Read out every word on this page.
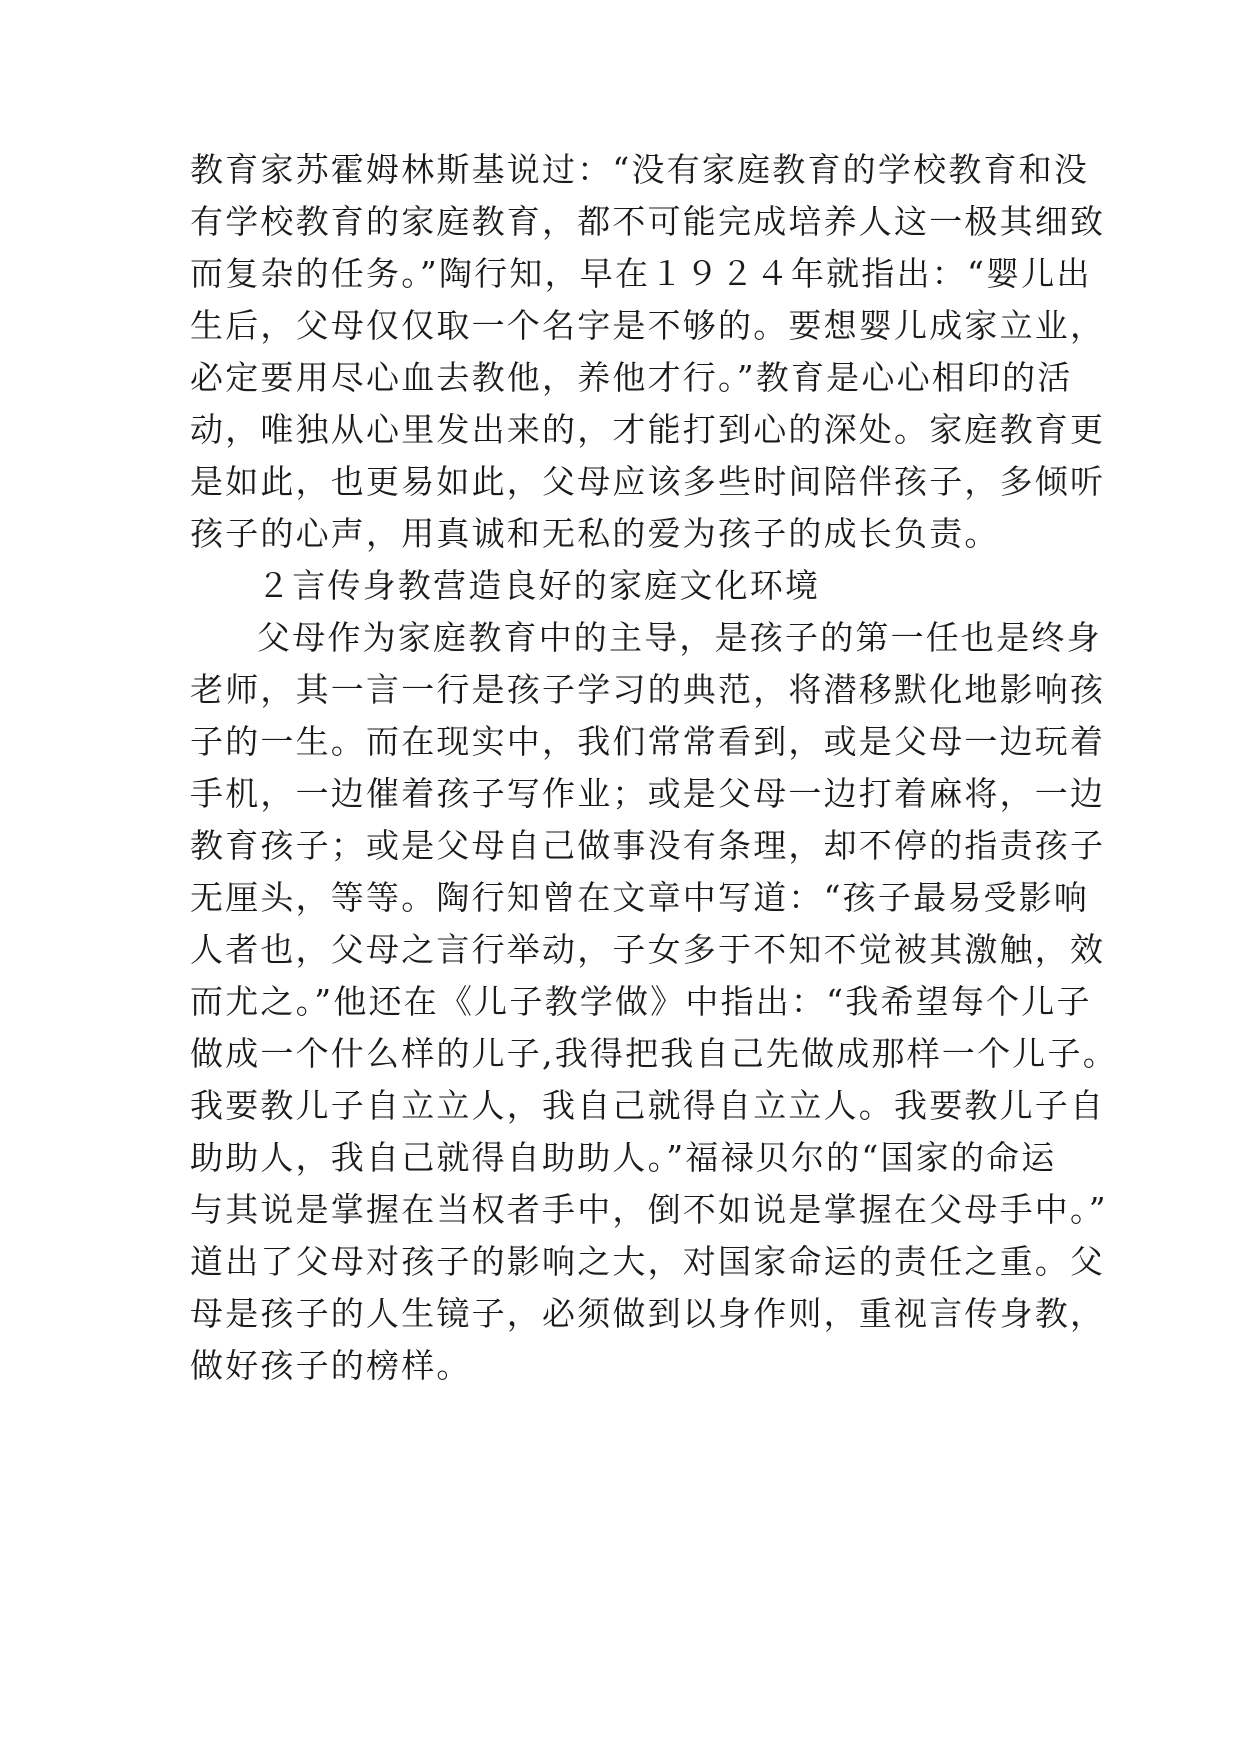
教育家苏霍姆林斯基说过：“没有家庭教育的学校教育和没
有学校教育的家庭教育，都不可能完成培养人这一极其细致
而复杂的任务。”陶行知，早在１９２４年就指出：“婴儿出
生后，父母仅仅取一个名字是不够的。要想婴儿成家立业，
必定要用尽心血去教他，养他才行。”教育是心心相印的活
动，唯独从心里发出来的，才能打到心的深处。家庭教育更
是如此，也更易如此，父母应该多些时间陪伴孩子，多倾听
孩子的心声，用真诚和无私的爱为孩子的成长负责。
２言传身教营造良好的家庭文化环境
父母作为家庭教育中的主导，是孩子的第一任也是终身
老师，其一言一行是孩子学习的典范，将潜移默化地影响孩
子的一生。而在现实中，我们常常看到，或是父母一边玩着
手机，一边催着孩子写作业；或是父母一边打着麻将，一边
教育孩子；或是父母自己做事没有条理，却不停的指责孩子
无厘头，等等。陶行知曾在文章中写道：“孩子最易受影响
人者也，父母之言行举动，子女多于不知不觉被其激触，效
而尤之。”他还在《儿子教学做》中指出：“我希望每个儿子
做成一个什么样的儿子,我得把我自己先做成那样一个儿子。
我要教儿子自立立人，我自己就得自立立人。我要教儿子自
助助人，我自己就得自助助人。”福禄贝尔的“国家的命运
与其说是掌握在当权者手中，倒不如说是掌握在父母手中。”
道出了父母对孩子的影响之大，对国家命运的责任之重。父
母是孩子的人生镜子，必须做到以身作则，重视言传身教，
做好孩子的榜样。
